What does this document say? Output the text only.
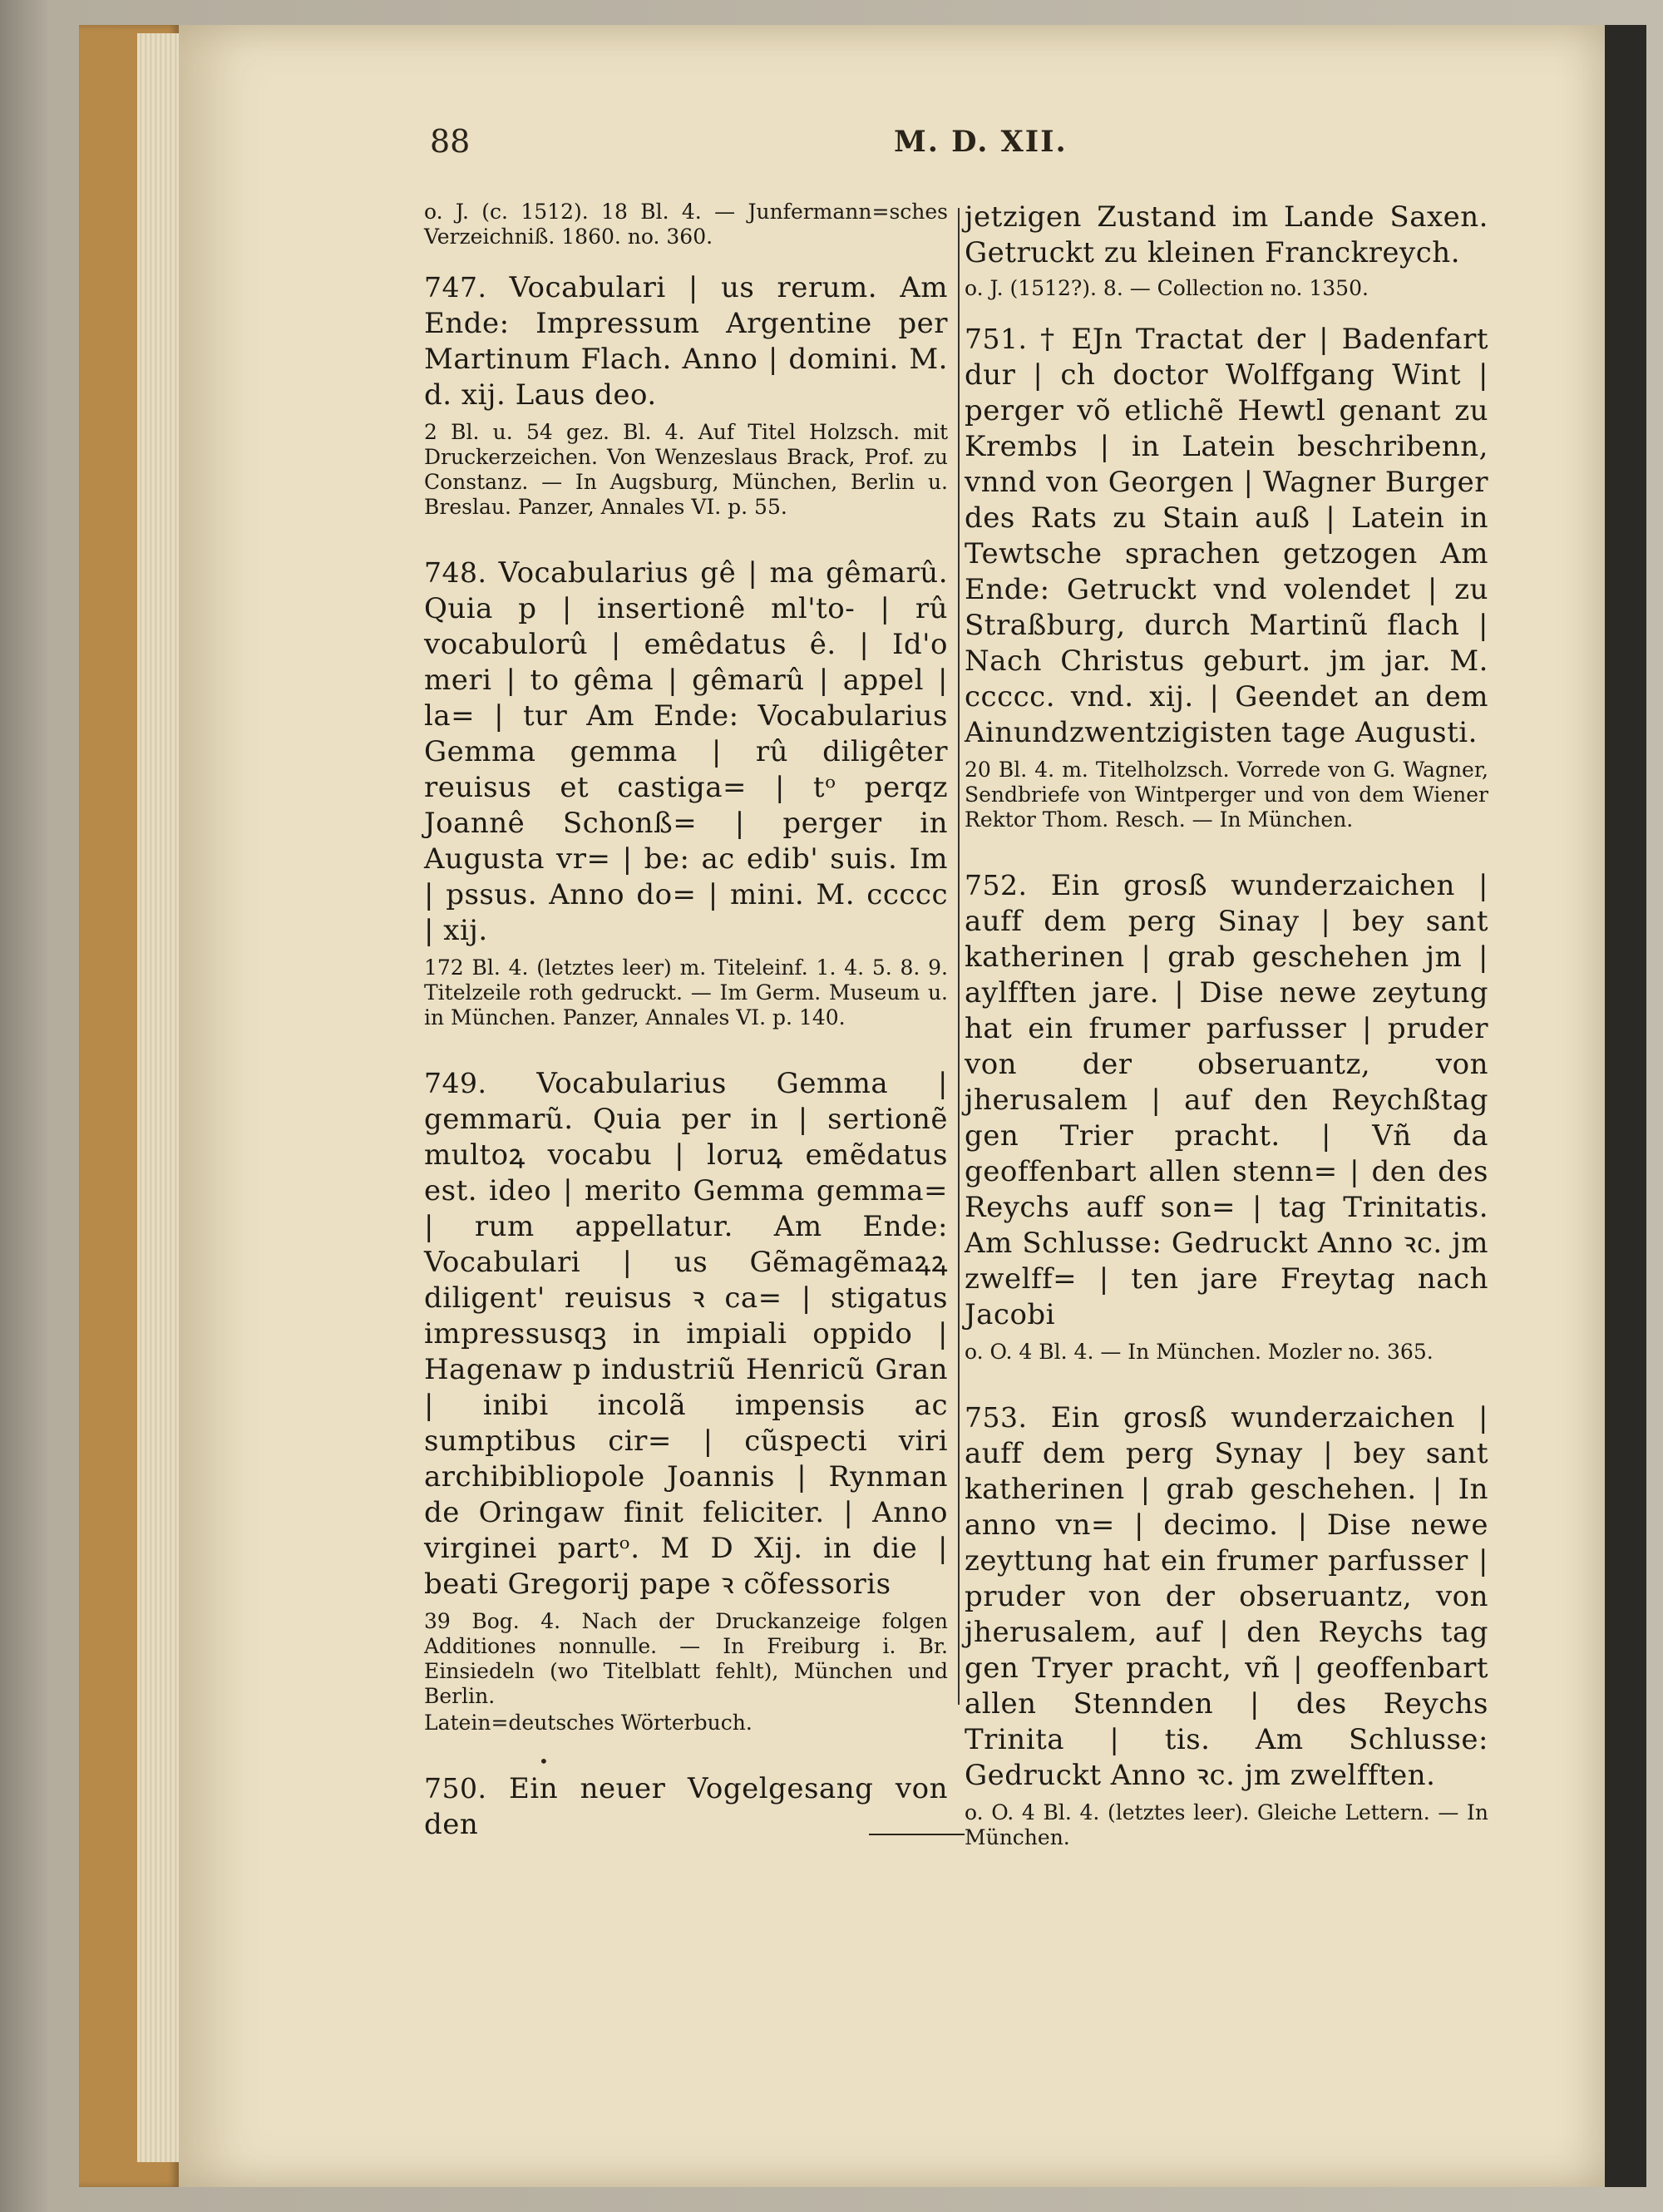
88	M. D. XII.

o. J. (c. 1512). 18 Bl. 4. — Junfermann=sches Verzeichniß. 1860. no. 360.

747. Vocabulari | us rerum. Am Ende: Impressum Argentine per Martinum Flach. Anno | domini. M. d. xij. Laus deo.

2 Bl. u. 54 gez. Bl. 4. Auf Titel Holzsch. mit Druckerzeichen. Von Wenzeslaus Brack, Prof. zu Constanz. — In Augsburg, München, Berlin u. Breslau. Panzer, Annales VI. p. 55.

748. Vocabularius gê | ma gêmarû. Quia p | insertionê ml'to- | rû vocabulorû | emêdatus ê. | Id'o meri | to gêma | gêmarû | appel | la= | tur Am Ende: Vocabularius Gemma gemma | rû diligêter reuisus et castiga= | tᵒ perqz Joannê Schonß= | perger in Augusta vr= | be: ac edib' suis. Im | pssus. Anno do= | mini. M. ccccc | xij.

172 Bl. 4. (letztes leer) m. Titeleinf. 1. 4. 5. 8. 9. Titelzeile roth gedruckt. — Im Germ. Museum u. in München. Panzer, Annales VI. p. 140.

749. Vocabularius Gemma | gemmarũ. Quia per in | sertionẽ multoꝝ vocabu | loruꝝ emẽdatus est. ideo | merito Gemma gemma= | rum appellatur. Am Ende: Vocabulari | us Gẽmagẽmaꝝꝝ diligent' reuisus ꝛ ca= | stigatus impressusqꝫ in impiali oppido | Hagenaw p industriũ Henricũ Gran | inibi incolã impensis ac sumptibus cir= | cũspecti viri archibibliopole Joannis | Rynman de Oringaw finit feliciter. | Anno virginei partᵒ. M D Xij. in die | beati Gregorij pape ꝛ cõfessoris

39 Bog. 4. Nach der Druckanzeige folgen Additiones nonnulle. — In Freiburg i. Br. Einsiedeln (wo Titelblatt fehlt), München und Berlin.

Latein=deutsches Wörterbuch.

750. Ein neuer Vogelgesang von den

jetzigen Zustand im Lande Saxen. Getruckt zu kleinen Franckreych.

o. J. (1512?). 8. — Collection no. 1350.

751. † EJn Tractat der | Badenfart dur | ch doctor Wolffgang Wint | perger võ etlichẽ Hewtl genant zu Krembs | in Latein beschribenn, vnnd von Georgen | Wagner Burger des Rats zu Stain auß | Latein in Tewtsche sprachen getzogen Am Ende: Getruckt vnd volendet | zu Straßburg, durch Martinũ flach | Nach Christus geburt. jm jar. M. ccccc. vnd. xij. | Geendet an dem Ainundzwentzigisten tage Augusti.

20 Bl. 4. m. Titelholzsch. Vorrede von G. Wagner, Sendbriefe von Wintperger und von dem Wiener Rektor Thom. Resch. — In München.

752. Ein grosß wunderzaichen | auff dem perg Sinay | bey sant katherinen | grab geschehen jm | aylfften jare. | Dise newe zeytung hat ein frumer parfusser | pruder von der obseruantz, von jherusalem | auf den Reychßtag gen Trier pracht. | Vñ da geoffenbart allen stenn= | den des Reychs auff son= | tag Trinitatis. Am Schlusse: Gedruckt Anno ꝛc. jm zwelff= | ten jare Freytag nach Jacobi

o. O. 4 Bl. 4. — In München. Mozler no. 365.

753. Ein grosß wunderzaichen | auff dem perg Synay | bey sant katherinen | grab geschehen. | In anno vn= | decimo. | Dise newe zeyttung hat ein frumer parfusser | pruder von der obseruantz, von jherusalem, auf | den Reychs tag gen Tryer pracht, vñ | geoffenbart allen Stennden | des Reychs Trinita | tis. Am Schlusse: Gedruckt Anno ꝛc. jm zwelfften.

o. O. 4 Bl. 4. (letztes leer). Gleiche Lettern. — In München.

•
